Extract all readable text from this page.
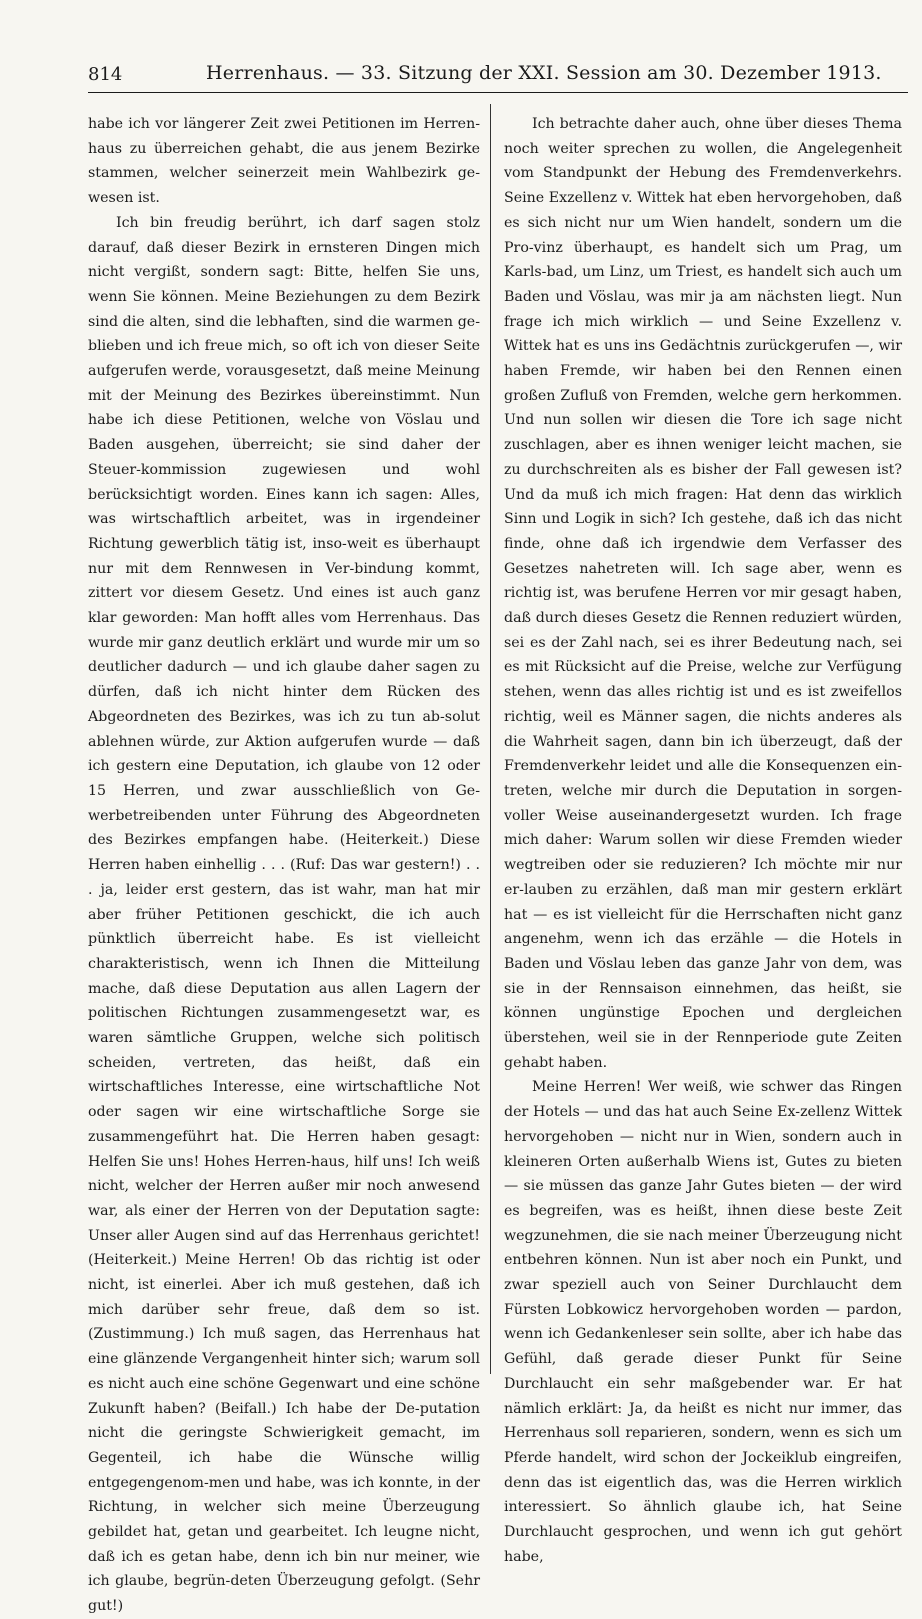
814	Herrenhaus. — 33. Sitzung der XXI. Session am 30. Dezember 1913.

habe ich vor längerer Zeit zwei Petitionen im Herren-haus zu überreichen gehabt, die aus jenem Bezirke stammen, welcher seinerzeit mein Wahlbezirk ge-wesen ist.

Ich bin freudig berührt, ich darf sagen stolz darauf, daß dieser Bezirk in ernsteren Dingen mich nicht vergißt, sondern sagt: Bitte, helfen Sie uns, wenn Sie können. Meine Beziehungen zu dem Bezirk sind die alten, sind die lebhaften, sind die warmen ge-blieben und ich freue mich, so oft ich von dieser Seite aufgerufen werde, vorausgesetzt, daß meine Meinung mit der Meinung des Bezirkes übereinstimmt. Nun habe ich diese Petitionen, welche von Vöslau und Baden ausgehen, überreicht; sie sind daher der Steuer-kommission zugewiesen und wohl berücksichtigt worden. Eines kann ich sagen: Alles, was wirtschaftlich arbeitet, was in irgendeiner Richtung gewerblich tätig ist, inso-weit es überhaupt nur mit dem Rennwesen in Ver-bindung kommt, zittert vor diesem Gesetz. Und eines ist auch ganz klar geworden: Man hofft alles vom Herrenhaus. Das wurde mir ganz deutlich erklärt und wurde mir um so deutlicher dadurch — und ich glaube daher sagen zu dürfen, daß ich nicht hinter dem Rücken des Abgeordneten des Bezirkes, was ich zu tun ab-solut ablehnen würde, zur Aktion aufgerufen wurde — daß ich gestern eine Deputation, ich glaube von 12 oder 15 Herren, und zwar ausschließlich von Ge-werbetreibenden unter Führung des Abgeordneten des Bezirkes empfangen habe. (Heiterkeit.) Diese Herren haben einhellig . . . (Ruf: Das war gestern!) . . . ja, leider erst gestern, das ist wahr, man hat mir aber früher Petitionen geschickt, die ich auch pünktlich überreicht habe. Es ist vielleicht charakteristisch, wenn ich Ihnen die Mitteilung mache, daß diese Deputation aus allen Lagern der politischen Richtungen zusammengesetzt war, es waren sämtliche Gruppen, welche sich politisch scheiden, vertreten, das heißt, daß ein wirtschaftliches Interesse, eine wirtschaftliche Not oder sagen wir eine wirtschaftliche Sorge sie zusammengeführt hat. Die Herren haben gesagt: Helfen Sie uns! Hohes Herren-haus, hilf uns! Ich weiß nicht, welcher der Herren außer mir noch anwesend war, als einer der Herren von der Deputation sagte: Unser aller Augen sind auf das Herrenhaus gerichtet! (Heiterkeit.) Meine Herren! Ob das richtig ist oder nicht, ist einerlei. Aber ich muß gestehen, daß ich mich darüber sehr freue, daß dem so ist. (Zustimmung.) Ich muß sagen, das Herrenhaus hat eine glänzende Vergangenheit hinter sich; warum soll es nicht auch eine schöne Gegenwart und eine schöne Zukunft haben? (Beifall.) Ich habe der De-putation nicht die geringste Schwierigkeit gemacht, im Gegenteil, ich habe die Wünsche willig entgegengenom-men und habe, was ich konnte, in der Richtung, in welcher sich meine Überzeugung gebildet hat, getan und gearbeitet. Ich leugne nicht, daß ich es getan habe, denn ich bin nur meiner, wie ich glaube, begrün-deten Überzeugung gefolgt. (Sehr gut!)

Ich betrachte daher auch, ohne über dieses Thema noch weiter sprechen zu wollen, die Angelegenheit vom Standpunkt der Hebung des Fremdenverkehrs. Seine Exzellenz v. Wittek hat eben hervorgehoben, daß es sich nicht nur um Wien handelt, sondern um die Pro-vinz überhaupt, es handelt sich um Prag, um Karls-bad, um Linz, um Triest, es handelt sich auch um Baden und Vöslau, was mir ja am nächsten liegt. Nun frage ich mich wirklich — und Seine Exzellenz v. Wittek hat es uns ins Gedächtnis zurückgerufen —, wir haben Fremde, wir haben bei den Rennen einen großen Zufluß von Fremden, welche gern herkommen. Und nun sollen wir diesen die Tore ich sage nicht zuschlagen, aber es ihnen weniger leicht machen, sie zu durchschreiten als es bisher der Fall gewesen ist? Und da muß ich mich fragen: Hat denn das wirklich Sinn und Logik in sich? Ich gestehe, daß ich das nicht finde, ohne daß ich irgendwie dem Verfasser des Gesetzes nahetreten will. Ich sage aber, wenn es richtig ist, was berufene Herren vor mir gesagt haben, daß durch dieses Gesetz die Rennen reduziert würden, sei es der Zahl nach, sei es ihrer Bedeutung nach, sei es mit Rücksicht auf die Preise, welche zur Verfügung stehen, wenn das alles richtig ist und es ist zweifellos richtig, weil es Männer sagen, die nichts anderes als die Wahrheit sagen, dann bin ich überzeugt, daß der Fremdenverkehr leidet und alle die Konsequenzen ein-treten, welche mir durch die Deputation in sorgen-voller Weise auseinandergesetzt wurden. Ich frage mich daher: Warum sollen wir diese Fremden wieder wegtreiben oder sie reduzieren? Ich möchte mir nur er-lauben zu erzählen, daß man mir gestern erklärt hat — es ist vielleicht für die Herrschaften nicht ganz angenehm, wenn ich das erzähle — die Hotels in Baden und Vöslau leben das ganze Jahr von dem, was sie in der Rennsaison einnehmen, das heißt, sie können ungünstige Epochen und dergleichen überstehen, weil sie in der Rennperiode gute Zeiten gehabt haben.

Meine Herren! Wer weiß, wie schwer das Ringen der Hotels — und das hat auch Seine Ex-zellenz Wittek hervorgehoben — nicht nur in Wien, sondern auch in kleineren Orten außerhalb Wiens ist, Gutes zu bieten — sie müssen das ganze Jahr Gutes bieten — der wird es begreifen, was es heißt, ihnen diese beste Zeit wegzunehmen, die sie nach meiner Überzeugung nicht entbehren können. Nun ist aber noch ein Punkt, und zwar speziell auch von Seiner Durchlaucht dem Fürsten Lobkowicz hervorgehoben worden — pardon, wenn ich Gedankenleser sein sollte, aber ich habe das Gefühl, daß gerade dieser Punkt für Seine Durchlaucht ein sehr maßgebender war. Er hat nämlich erklärt: Ja, da heißt es nicht nur immer, das Herrenhaus soll reparieren, sondern, wenn es sich um Pferde handelt, wird schon der Jockeiklub eingreifen, denn das ist eigentlich das, was die Herren wirklich interessiert. So ähnlich glaube ich, hat Seine Durchlaucht gesprochen, und wenn ich gut gehört habe,
